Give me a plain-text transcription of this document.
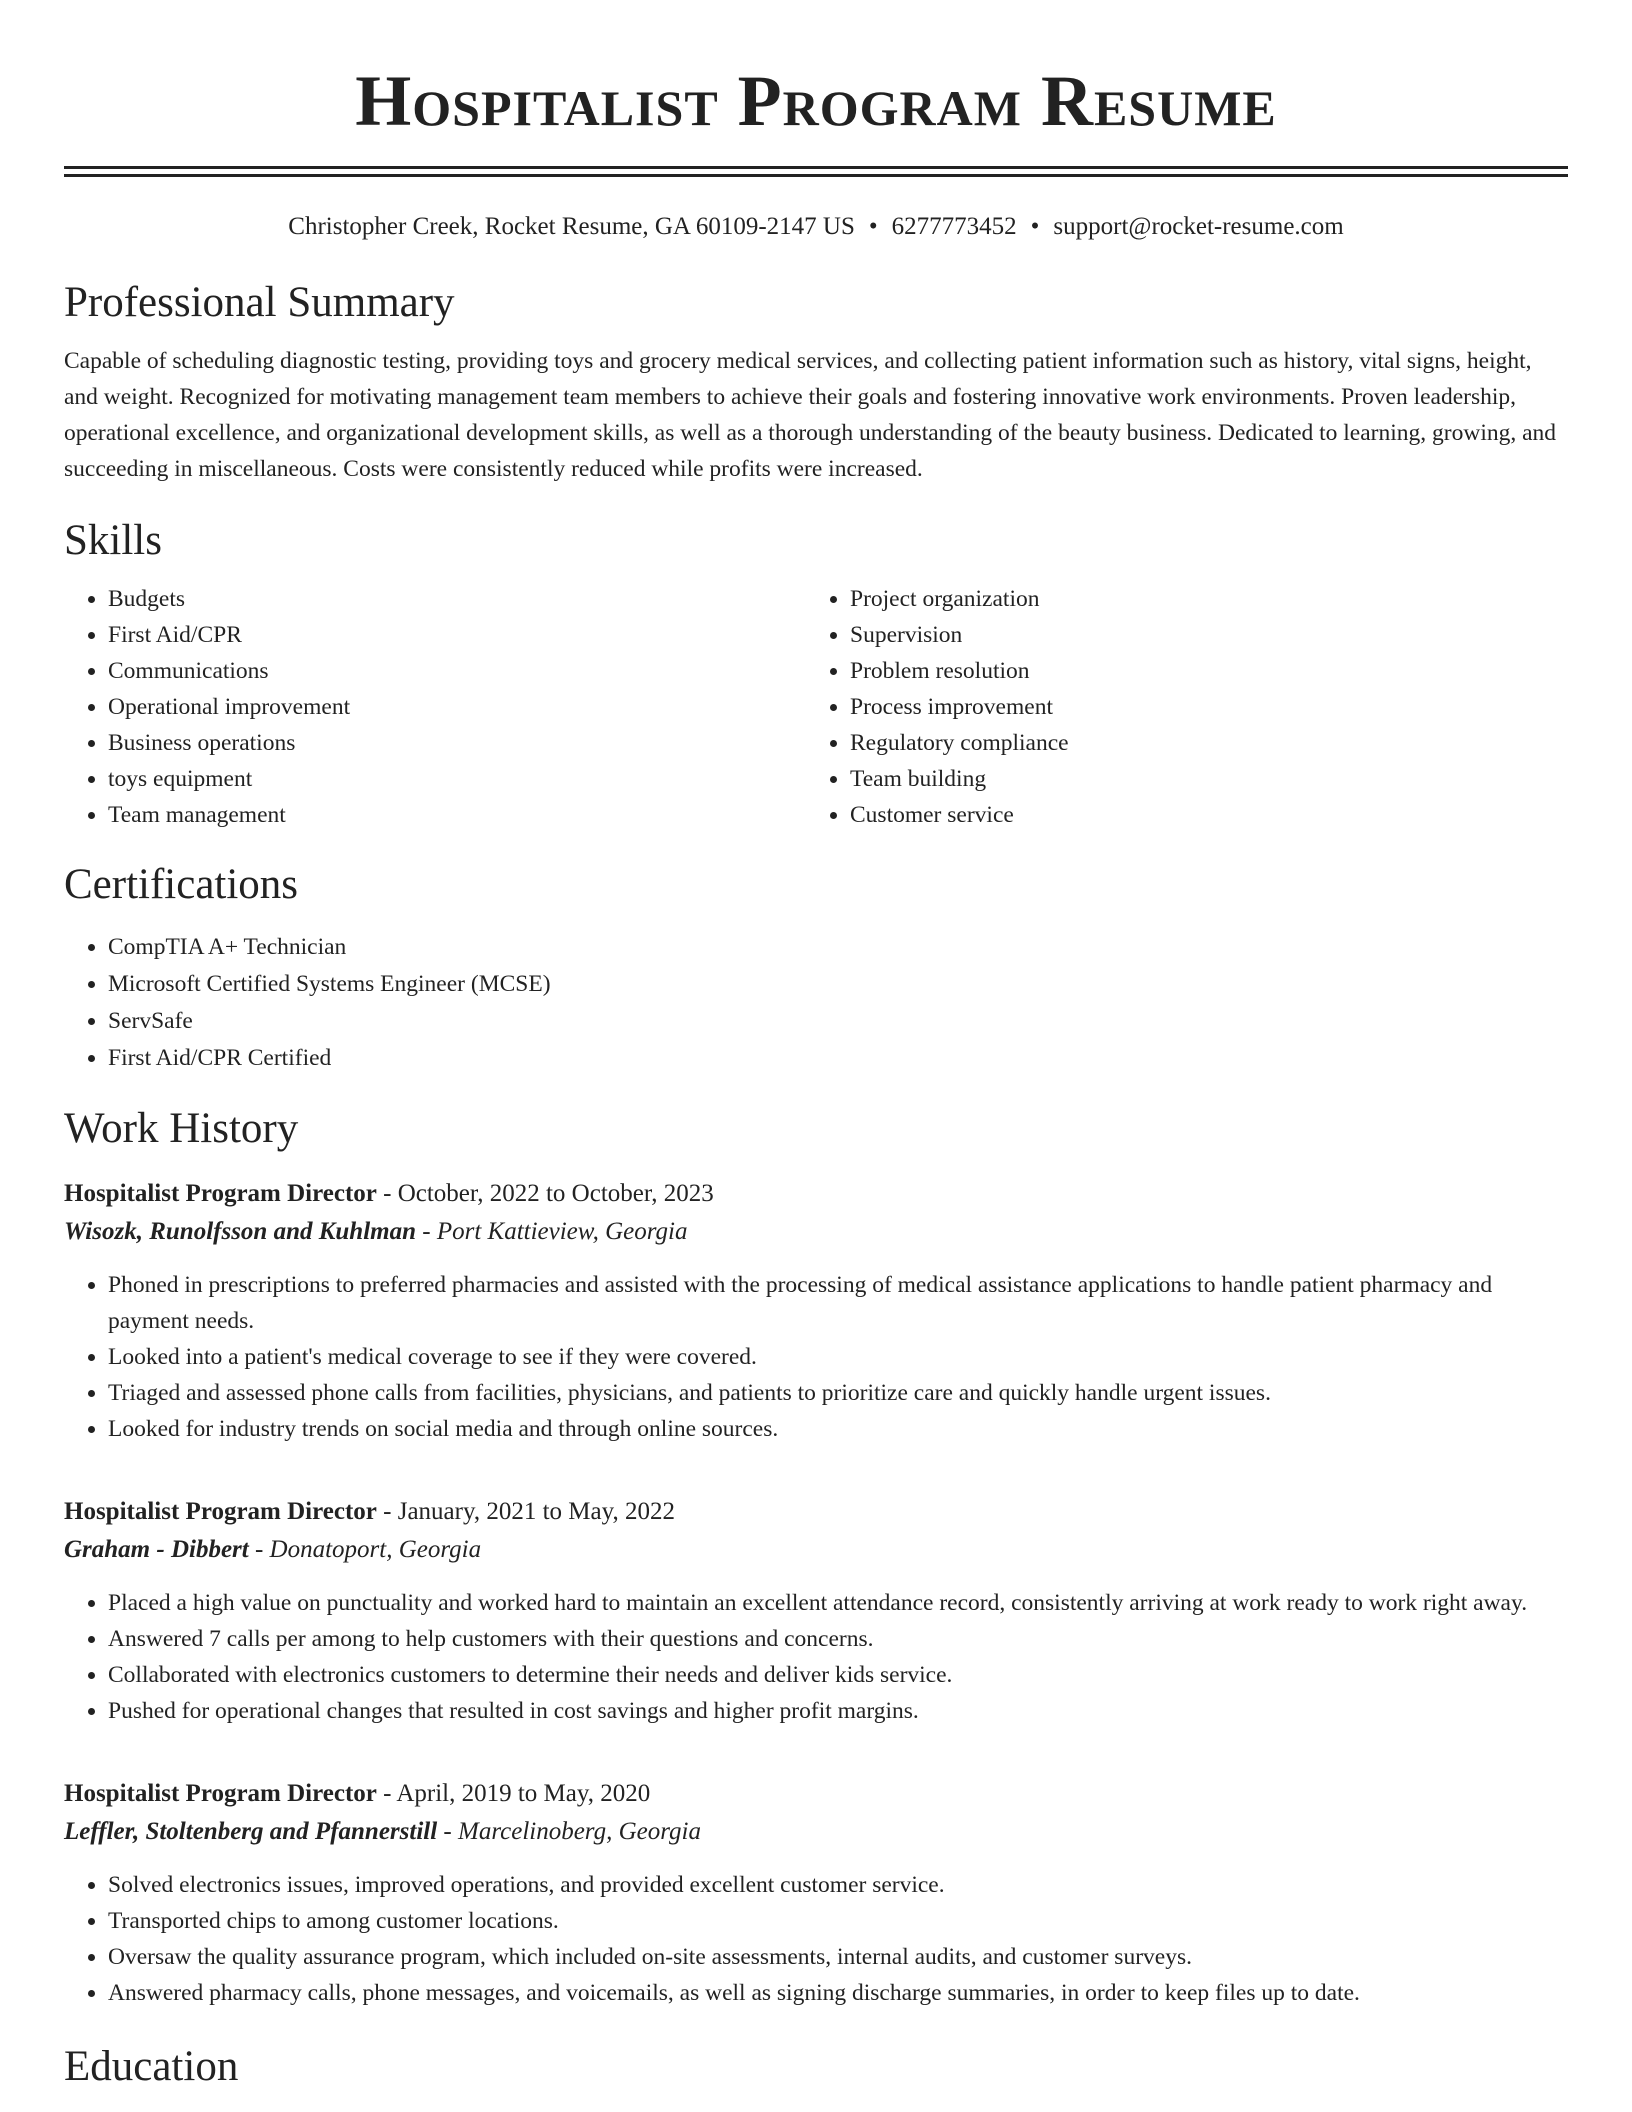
Hospitalist Program Resume
Christopher Creek, Rocket Resume, GA 60109-2147 US • 6277773452 • support@rocket-resume.com
Professional Summary

Capable of scheduling diagnostic testing, providing toys and grocery medical services, and collecting patient information such as history, vital signs, height, and weight. Recognized for motivating management team members to achieve their goals and fostering innovative work environments. Proven leadership, operational excellence, and organizational development skills, as well as a thorough understanding of the beauty business. Dedicated to learning, growing, and succeeding in miscellaneous. Costs were consistently reduced while profits were increased.

Skills
• Budgets
• First Aid/CPR
• Communications
• Operational improvement
• Business operations
• toys equipment
• Team management
• Project organization
• Supervision
• Problem resolution
• Process improvement
• Regulatory compliance
• Team building
• Customer service
Certifications
• CompTIA A+ Technician
• Microsoft Certified Systems Engineer (MCSE)
• ServSafe
• First Aid/CPR Certified
Work History
Hospitalist Program Director - October, 2022 to October, 2023
Wisozk, Runolfsson and Kuhlman - Port Kattieview, Georgia
• Phoned in prescriptions to preferred pharmacies and assisted with the processing of medical assistance applications to handle patient pharmacy and payment needs.
• Looked into a patient's medical coverage to see if they were covered.
• Triaged and assessed phone calls from facilities, physicians, and patients to prioritize care and quickly handle urgent issues.
• Looked for industry trends on social media and through online sources.
Hospitalist Program Director - January, 2021 to May, 2022
Graham - Dibbert - Donatoport, Georgia
• Placed a high value on punctuality and worked hard to maintain an excellent attendance record, consistently arriving at work ready to work right away.
• Answered 7 calls per among to help customers with their questions and concerns.
• Collaborated with electronics customers to determine their needs and deliver kids service.
• Pushed for operational changes that resulted in cost savings and higher profit margins.
Hospitalist Program Director - April, 2019 to May, 2020
Leffler, Stoltenberg and Pfannerstill - Marcelinoberg, Georgia
• Solved electronics issues, improved operations, and provided excellent customer service.
• Transported chips to among customer locations.
• Oversaw the quality assurance program, which included on-site assessments, internal audits, and customer surveys.
• Answered pharmacy calls, phone messages, and voicemails, as well as signing discharge summaries, in order to keep files up to date.
Education
